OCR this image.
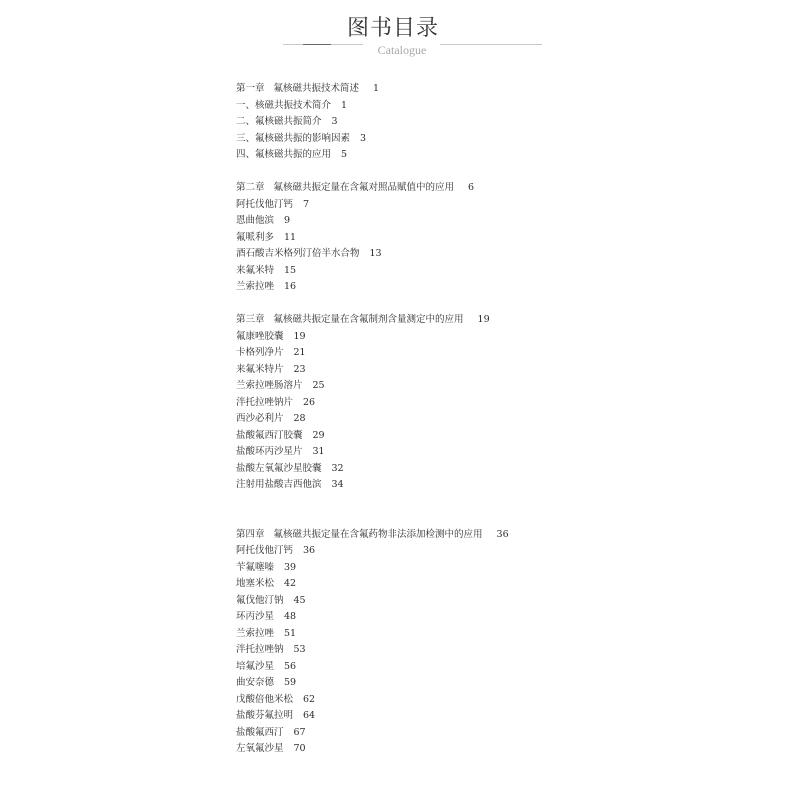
图书目录
Catalogue
第一章 氟核磁共振技术简述 1
一、核磁共振技术简介 1
二、氟核磁共振简介 3
三、氟核磁共振的影响因素 3
四、氟核磁共振的应用 5
第二章 氟核磁共振定量在含氟对照品赋值中的应用 6
阿托伐他汀钙 7
恩曲他滨 9
氟哌利多 11
酒石酸吉米格列汀倍半水合物 13
来氟米特 15
兰索拉唑 16
第三章 氟核磁共振定量在含氟制剂含量测定中的应用 19
氟康唑胶囊 19
卡格列净片 21
来氟米特片 23
兰索拉唑肠溶片 25
泮托拉唑钠片 26
西沙必利片 28
盐酸氟西汀胶囊 29
盐酸环丙沙星片 31
盐酸左氧氟沙星胶囊 32
注射用盐酸吉西他滨 34
第四章 氟核磁共振定量在含氟药物非法添加检测中的应用 36
阿托伐他汀钙 36
苄氟噻嗪 39
地塞米松 42
氟伐他汀钠 45
环丙沙星 48
兰索拉唑 51
泮托拉唑钠 53
培氟沙星 56
曲安奈德 59
戊酸倍他米松 62
盐酸芬氟拉明 64
盐酸氟西汀 67
左氧氟沙星 70
